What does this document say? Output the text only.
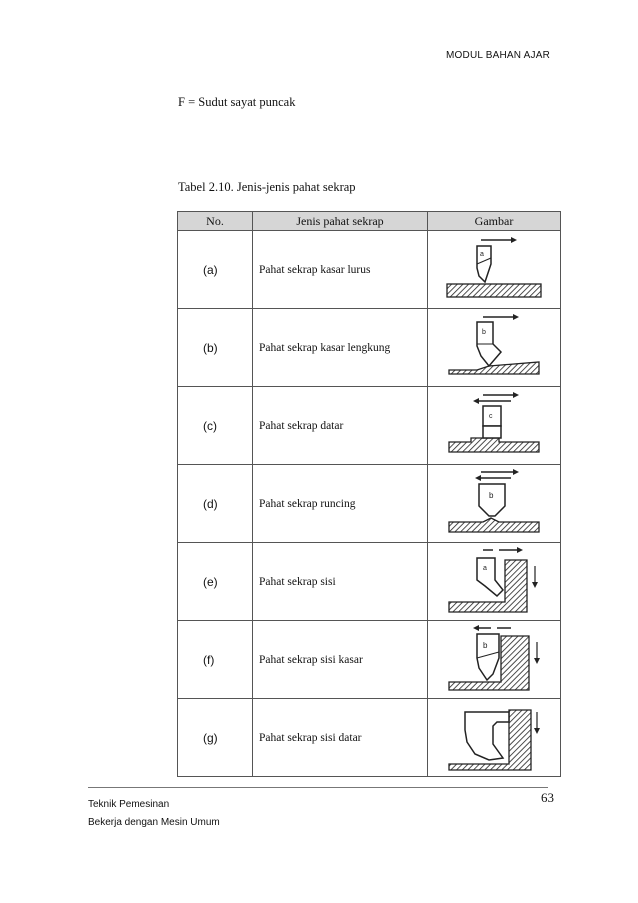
MODUL BAHAN AJAR
F = Sudut sayat puncak
Tabel 2.10. Jenis-jenis pahat sekrap
No.	Jenis pahat sekrap	Gambar
(a)	Pahat sekrap kasar lurus	a

(b)	Pahat sekrap kasar lengkung	b

(c)	Pahat sekrap datar	c

(d)	Pahat sekrap runcing	b

(e)	Pahat sekrap sisi	a

(f)	Pahat sekrap sisi kasar	b

(g)	Pahat sekrap sisi datar	
63
Teknik Pemesinan
Bekerja dengan Mesin Umum
